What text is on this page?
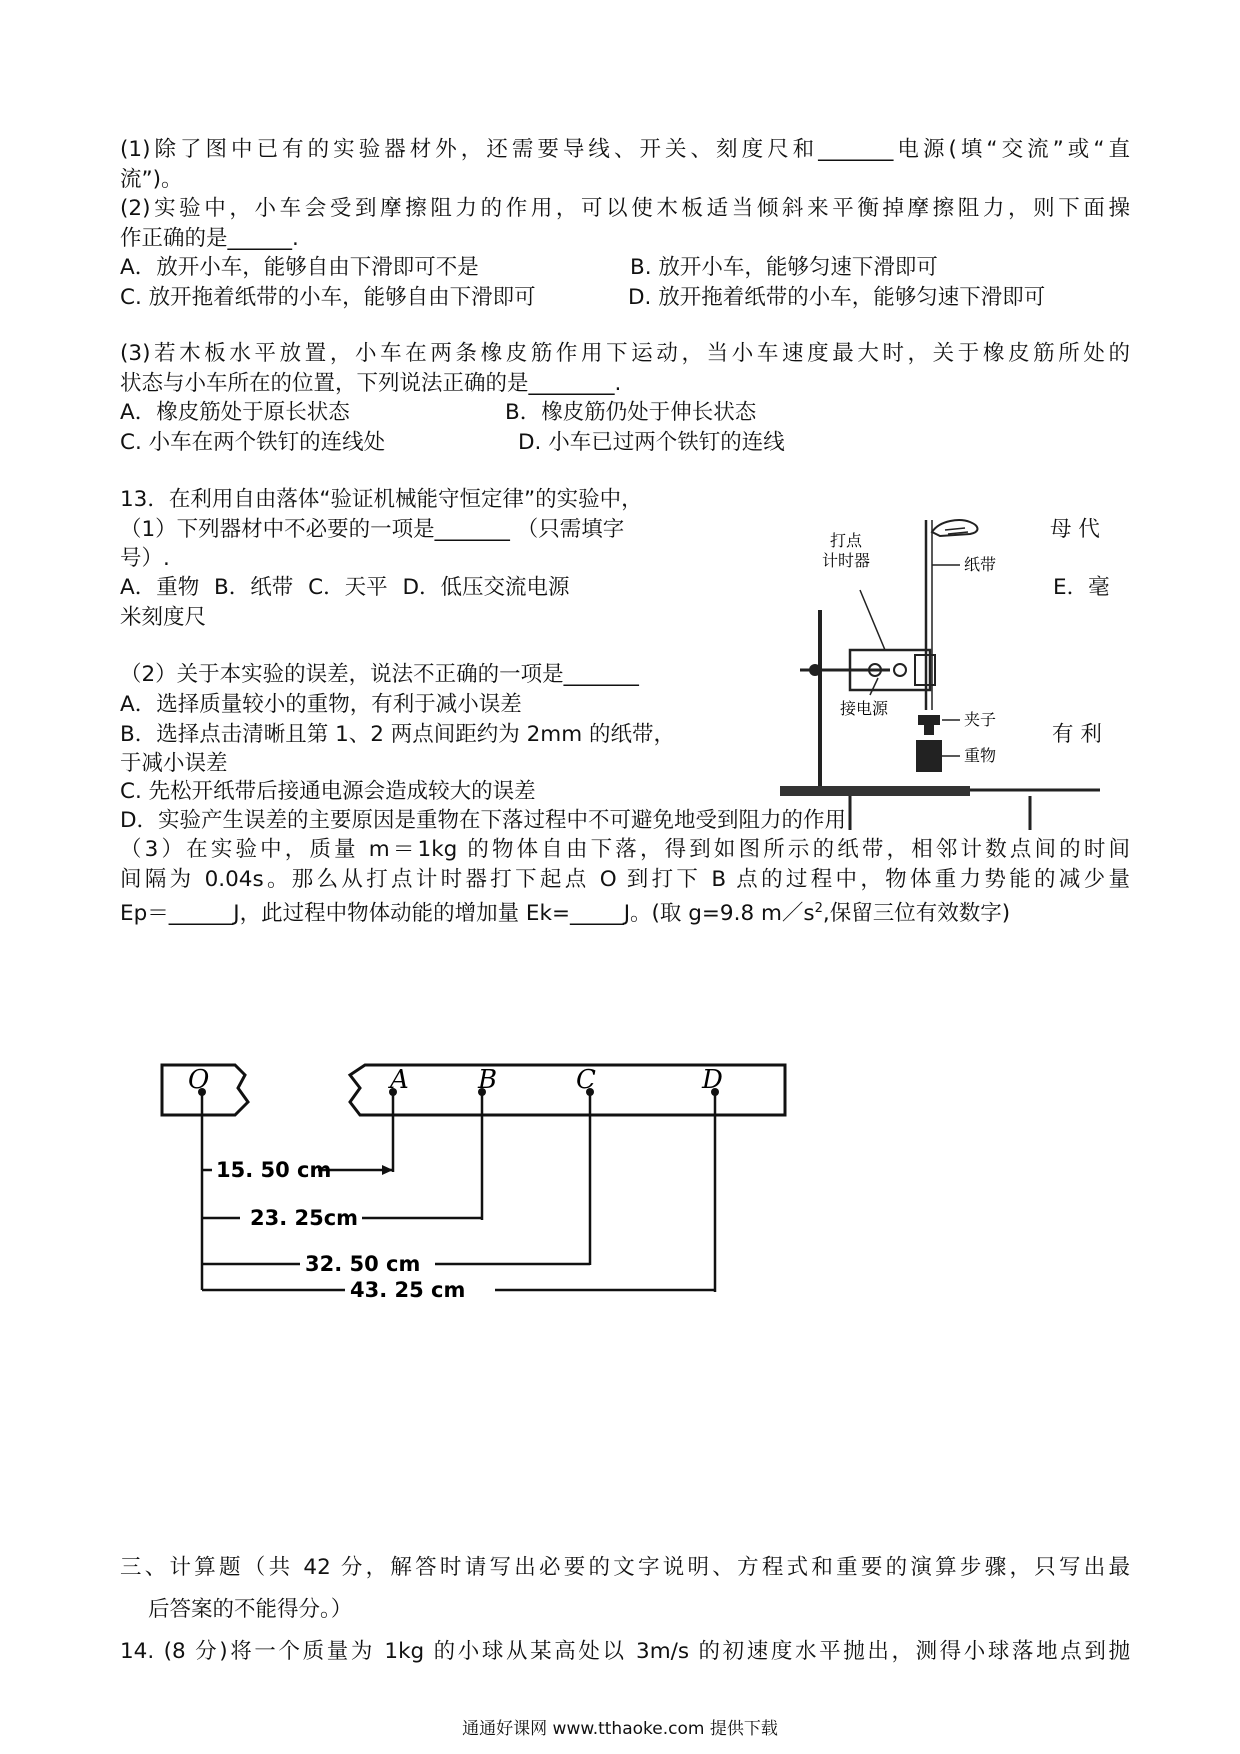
(1)除了图中已有的实验器材外，还需要导线、开关、刻度尺和_______电源(填“交流”或“直
流”)。
(2)实验中，小车会受到摩擦阻力的作用，可以使木板适当倾斜来平衡掉摩擦阻力，则下面操
作正确的是______.
A．放开小车，能够自由下滑即可不是	B. 放开小车，能够匀速下滑即可
C. 放开拖着纸带的小车，能够自由下滑即可	D. 放开拖着纸带的小车，能够匀速下滑即可
(3)若木板水平放置，小车在两条橡皮筋作用下运动，当小车速度最大时，关于橡皮筋所处的
状态与小车所在的位置，下列说法正确的是________.
A．橡皮筋处于原长状态	B．橡皮筋仍处于伸长状态
C. 小车在两个铁钉的连线处	D. 小车已过两个铁钉的连线
13．在利用自由落体“验证机械能守恒定律”的实验中，
（1）下列器材中不必要的一项是_______ （只需填字	母 代
号）.
A．重物 B．纸带 C．天平 D．低压交流电源	E．毫
米刻度尺
（2）关于本实验的误差，说法不正确的一项是_______
A．选择质量较小的重物，有利于减小误差
B．选择点击清晰且第 1、2 两点间距约为 2mm 的纸带，	有 利
于减小误差
C. 先松开纸带后接通电源会造成较大的误差
D．实验产生误差的主要原因是重物在下落过程中不可避免地受到阻力的作用
（3）在实验中，质量 m＝1kg 的物体自由下落，得到如图所示的纸带，相邻计数点间的时间
间隔为 0.04s。那么从打点计时器打下起点 O 到打下 B 点的过程中，物体重力势能的减少量
Ep＝______J，此过程中物体动能的增加量 Ek=_____J。(取 g=9.8 $m/s^2$,保留三位有效数字)
打点
计时器	纸带
接电源
夹子
重物
O	A	B	C	D
15. 50 cm
23. 25cm
32. 50 cm
43. 25 cm
三、计算题（共 42 分，解答时请写出必要的文字说明、方程式和重要的演算步骤，只写出最
后答案的不能得分。）
14. (8 分)将一个质量为 1kg 的小球从某高处以 3m/s 的初速度水平抛出，测得小球落地点到抛
通通好课网 www.tthaoke.com 提供下载
